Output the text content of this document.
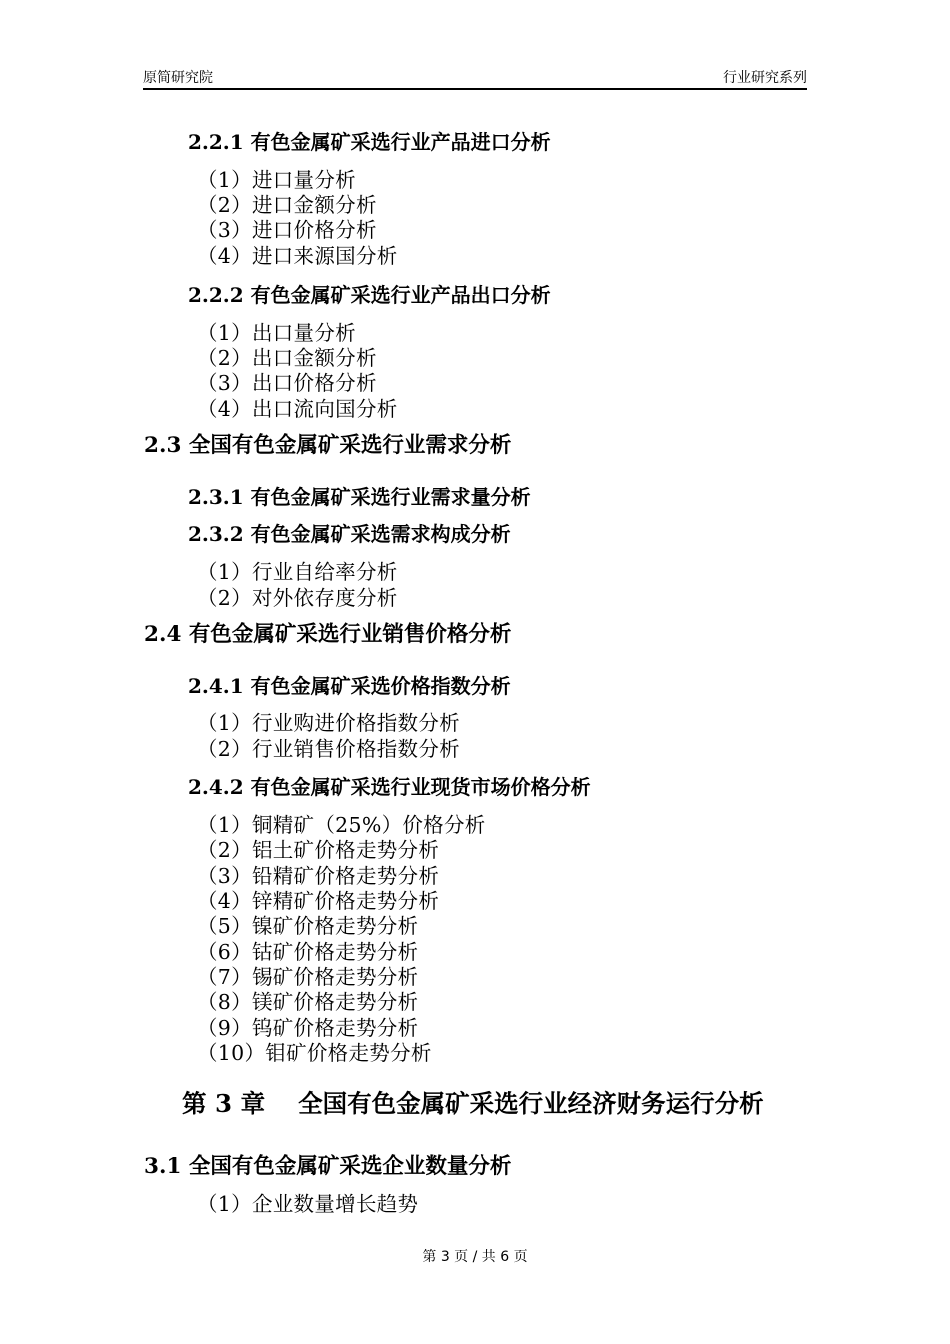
原简研究院	行业研究系列
2.2.1 有色金属矿采选行业产品进口分析
（1）进口量分析
（2）进口金额分析
（3）进口价格分析
（4）进口来源国分析
2.2.2 有色金属矿采选行业产品出口分析
（1）出口量分析
（2）出口金额分析
（3）出口价格分析
（4）出口流向国分析
2.3 全国有色金属矿采选行业需求分析
2.3.1 有色金属矿采选行业需求量分析
2.3.2 有色金属矿采选需求构成分析
（1）行业自给率分析
（2）对外依存度分析
2.4 有色金属矿采选行业销售价格分析
2.4.1 有色金属矿采选价格指数分析
（1）行业购进价格指数分析
（2）行业销售价格指数分析
2.4.2 有色金属矿采选行业现货市场价格分析
（1）铜精矿（25%）价格分析
（2）铝土矿价格走势分析
（3）铅精矿价格走势分析
（4）锌精矿价格走势分析
（5）镍矿价格走势分析
（6）钴矿价格走势分析
（7）锡矿价格走势分析
（8）镁矿价格走势分析
（9）钨矿价格走势分析
（10）钼矿价格走势分析
第 3 章　 全国有色金属矿采选行业经济财务运行分析
3.1 全国有色金属矿采选企业数量分析
（1）企业数量增长趋势
第 3 页 / 共 6 页
